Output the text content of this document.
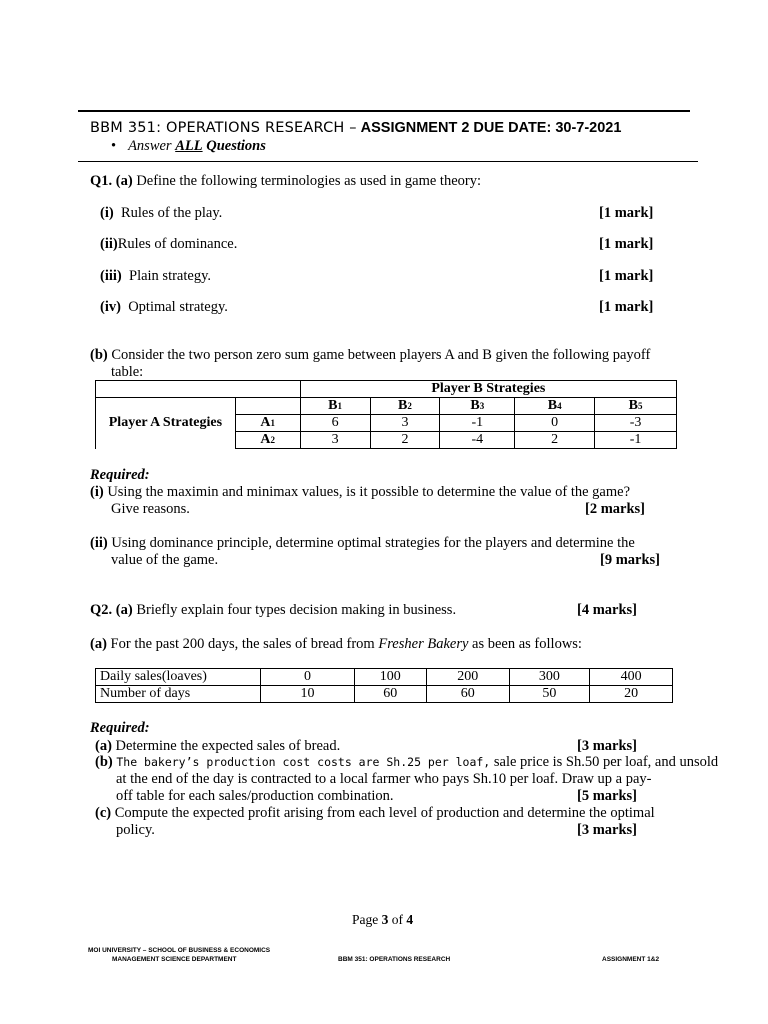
BBM 351: OPERATIONS RESEARCH – ASSIGNMENT 2 DUE DATE: 30-7-2021
• Answer ALL Questions
Q1. (a) Define the following terminologies as used in game theory:
(i) Rules of the play.	[1 mark]
(ii)Rules of dominance.	[1 mark]
(iii) Plain strategy.	[1 mark]
(iv) Optimal strategy.	[1 mark]
(b) Consider the two person zero sum game between players A and B given the following payoff
table:
		Player B Strategies				
Player A Strategies		B1	B2	B3	B4	B5
	A1	6	3	-1	0	-3
	A2	3	2	-4	2	-1
Required:
(i) Using the maximin and minimax values, is it possible to determine the value of the game?
Give reasons.	[2 marks]
(ii) Using dominance principle, determine optimal strategies for the players and determine the
value of the game.	[9 marks]
Q2. (a) Briefly explain four types decision making in business.	[4 marks]
(a) For the past 200 days, the sales of bread from Fresher Bakery as been as follows:
Daily sales(loaves)	0	100	200	300	400
Number of days	10	60	60	50	20
Required:
(a) Determine the expected sales of bread.	[3 marks]
(b) The bakery’s production cost costs are Sh.25 per loaf, sale price is Sh.50 per loaf, and unsold
at the end of the day is contracted to a local farmer who pays Sh.10 per loaf. Draw up a pay-
off table for each sales/production combination.	[5 marks]
(c) Compute the expected profit arising from each level of production and determine the optimal
policy.	[3 marks]
Page 3 of 4
MOI UNIVERSITY – SCHOOL OF BUSINESS & ECONOMICS
MANAGEMENT SCIENCE DEPARTMENT	BBM 351: OPERATIONS RESEARCH	ASSIGNMENT 1&2
